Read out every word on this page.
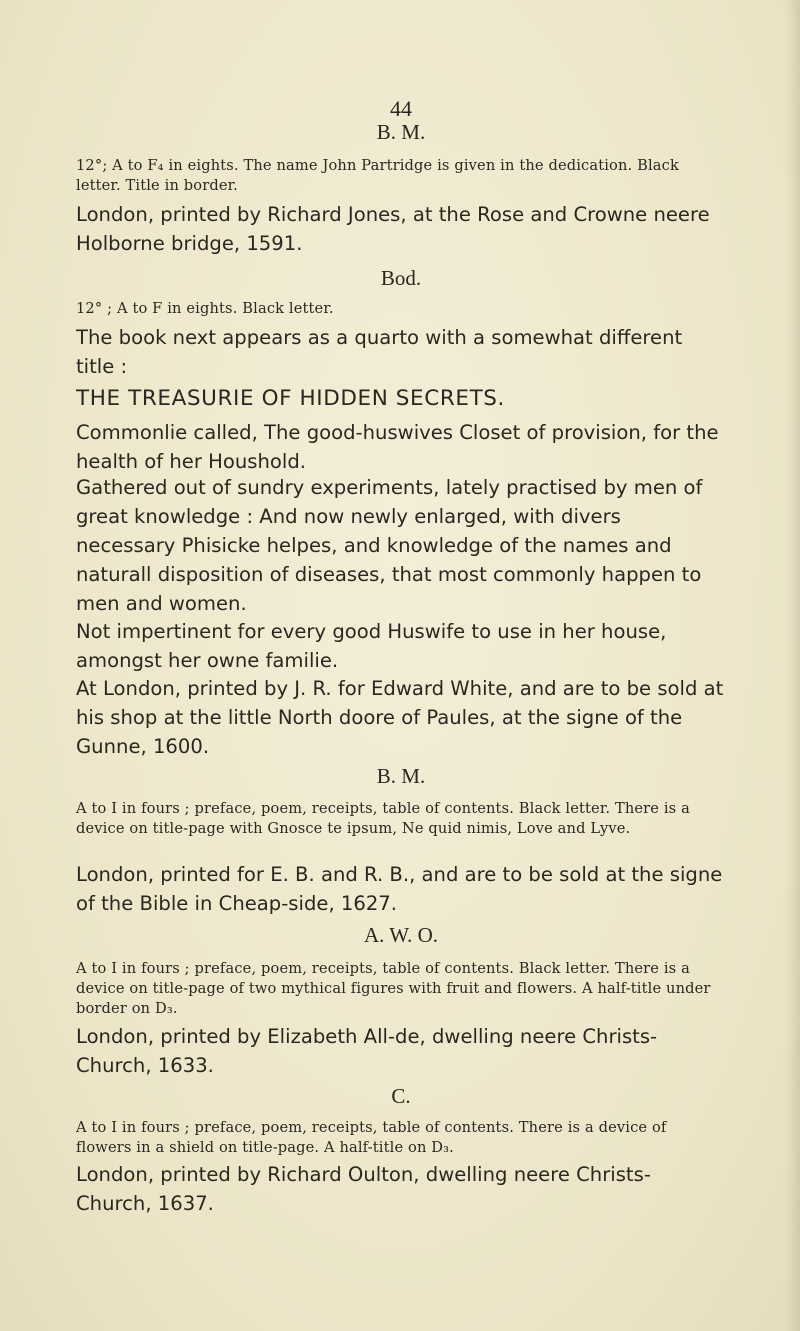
44
B. M.

12°; A to F₄ in eights. The name John Partridge is given in the dedication. Black letter. Title in border.

London, printed by Richard Jones, at the Rose and Crowne neere Holborne bridge, 1591.

Bod.

12° ; A to F in eights. Black letter.

The book next appears as a quarto with a somewhat different title :

THE TREASURIE OF HIDDEN SECRETS.

Commonlie called, The good-huswives Closet of provision, for the health of her Houshold.

Gathered out of sundry experiments, lately practised by men of great knowledge : And now newly enlarged, with divers necessary Phisicke helpes, and knowledge of the names and naturall disposition of diseases, that most commonly happen to men and women.

Not impertinent for every good Huswife to use in her house, amongst her owne familie.

At London, printed by J. R. for Edward White, and are to be sold at his shop at the little North doore of Paules, at the signe of the Gunne, 1600.

B. M.

A to I in fours ; preface, poem, receipts, table of contents. Black letter. There is a device on title-page with Gnosce te ipsum, Ne quid nimis, Love and Lyve.

London, printed for E. B. and R. B., and are to be sold at the signe of the Bible in Cheap-side, 1627.

A. W. O.

A to I in fours ; preface, poem, receipts, table of contents. Black letter. There is a device on title-page of two mythical figures with fruit and flowers. A half-title under border on D₃.

London, printed by Elizabeth All-de, dwelling neere Christs-Church, 1633.

C.

A to I in fours ; preface, poem, receipts, table of contents. There is a device of flowers in a shield on title-page. A half-title on D₃.

London, printed by Richard Oulton, dwelling neere Christs-Church, 1637.
